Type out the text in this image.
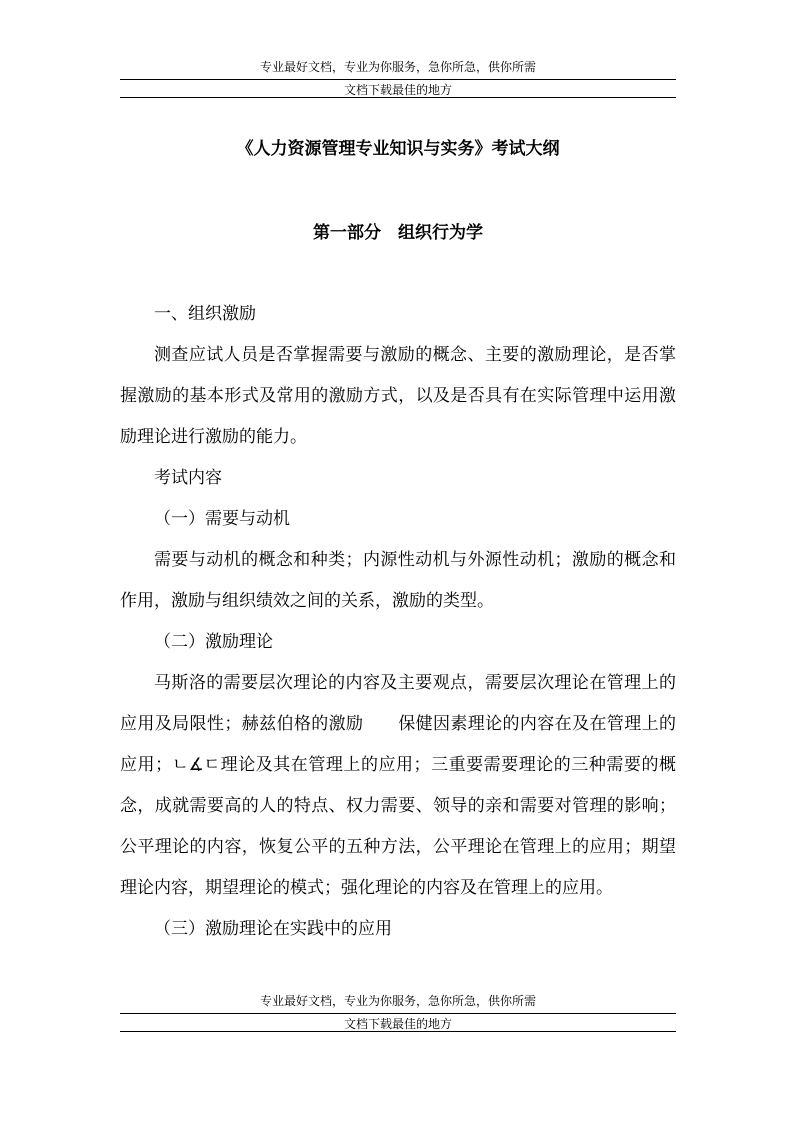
专业最好文档，专业为你服务，急你所急，供你所需
文档下载最佳的地方
《人力资源管理专业知识与实务》考试大纲
第一部分　组织行为学

一、组织激励

测查应试人员是否掌握需要与激励的概念、主要的激励理论，是否掌握激励的基本形式及常用的激励方式，以及是否具有在实际管理中运用激励理论进行激励的能力。

考试内容

（一）需要与动机

需要与动机的概念和种类；内源性动机与外源性动机；激励的概念和作用，激励与组织绩效之间的关系，激励的类型。

（二）激励理论

马斯洛的需要层次理论的内容及主要观点，需要层次理论在管理上的应用及局限性；赫兹伯格的激励　　保健因素理论的内容在及在管理上的应用；ㄴ∡ㄷ理论及其在管理上的应用；三重要需要理论的三种需要的概念，成就需要高的人的特点、权力需要、领导的亲和需要对管理的影响；公平理论的内容，恢复公平的五种方法，公平理论在管理上的应用；期望理论内容，期望理论的模式；强化理论的内容及在管理上的应用。

（三）激励理论在实践中的应用

专业最好文档，专业为你服务，急你所急，供你所需
文档下载最佳的地方
